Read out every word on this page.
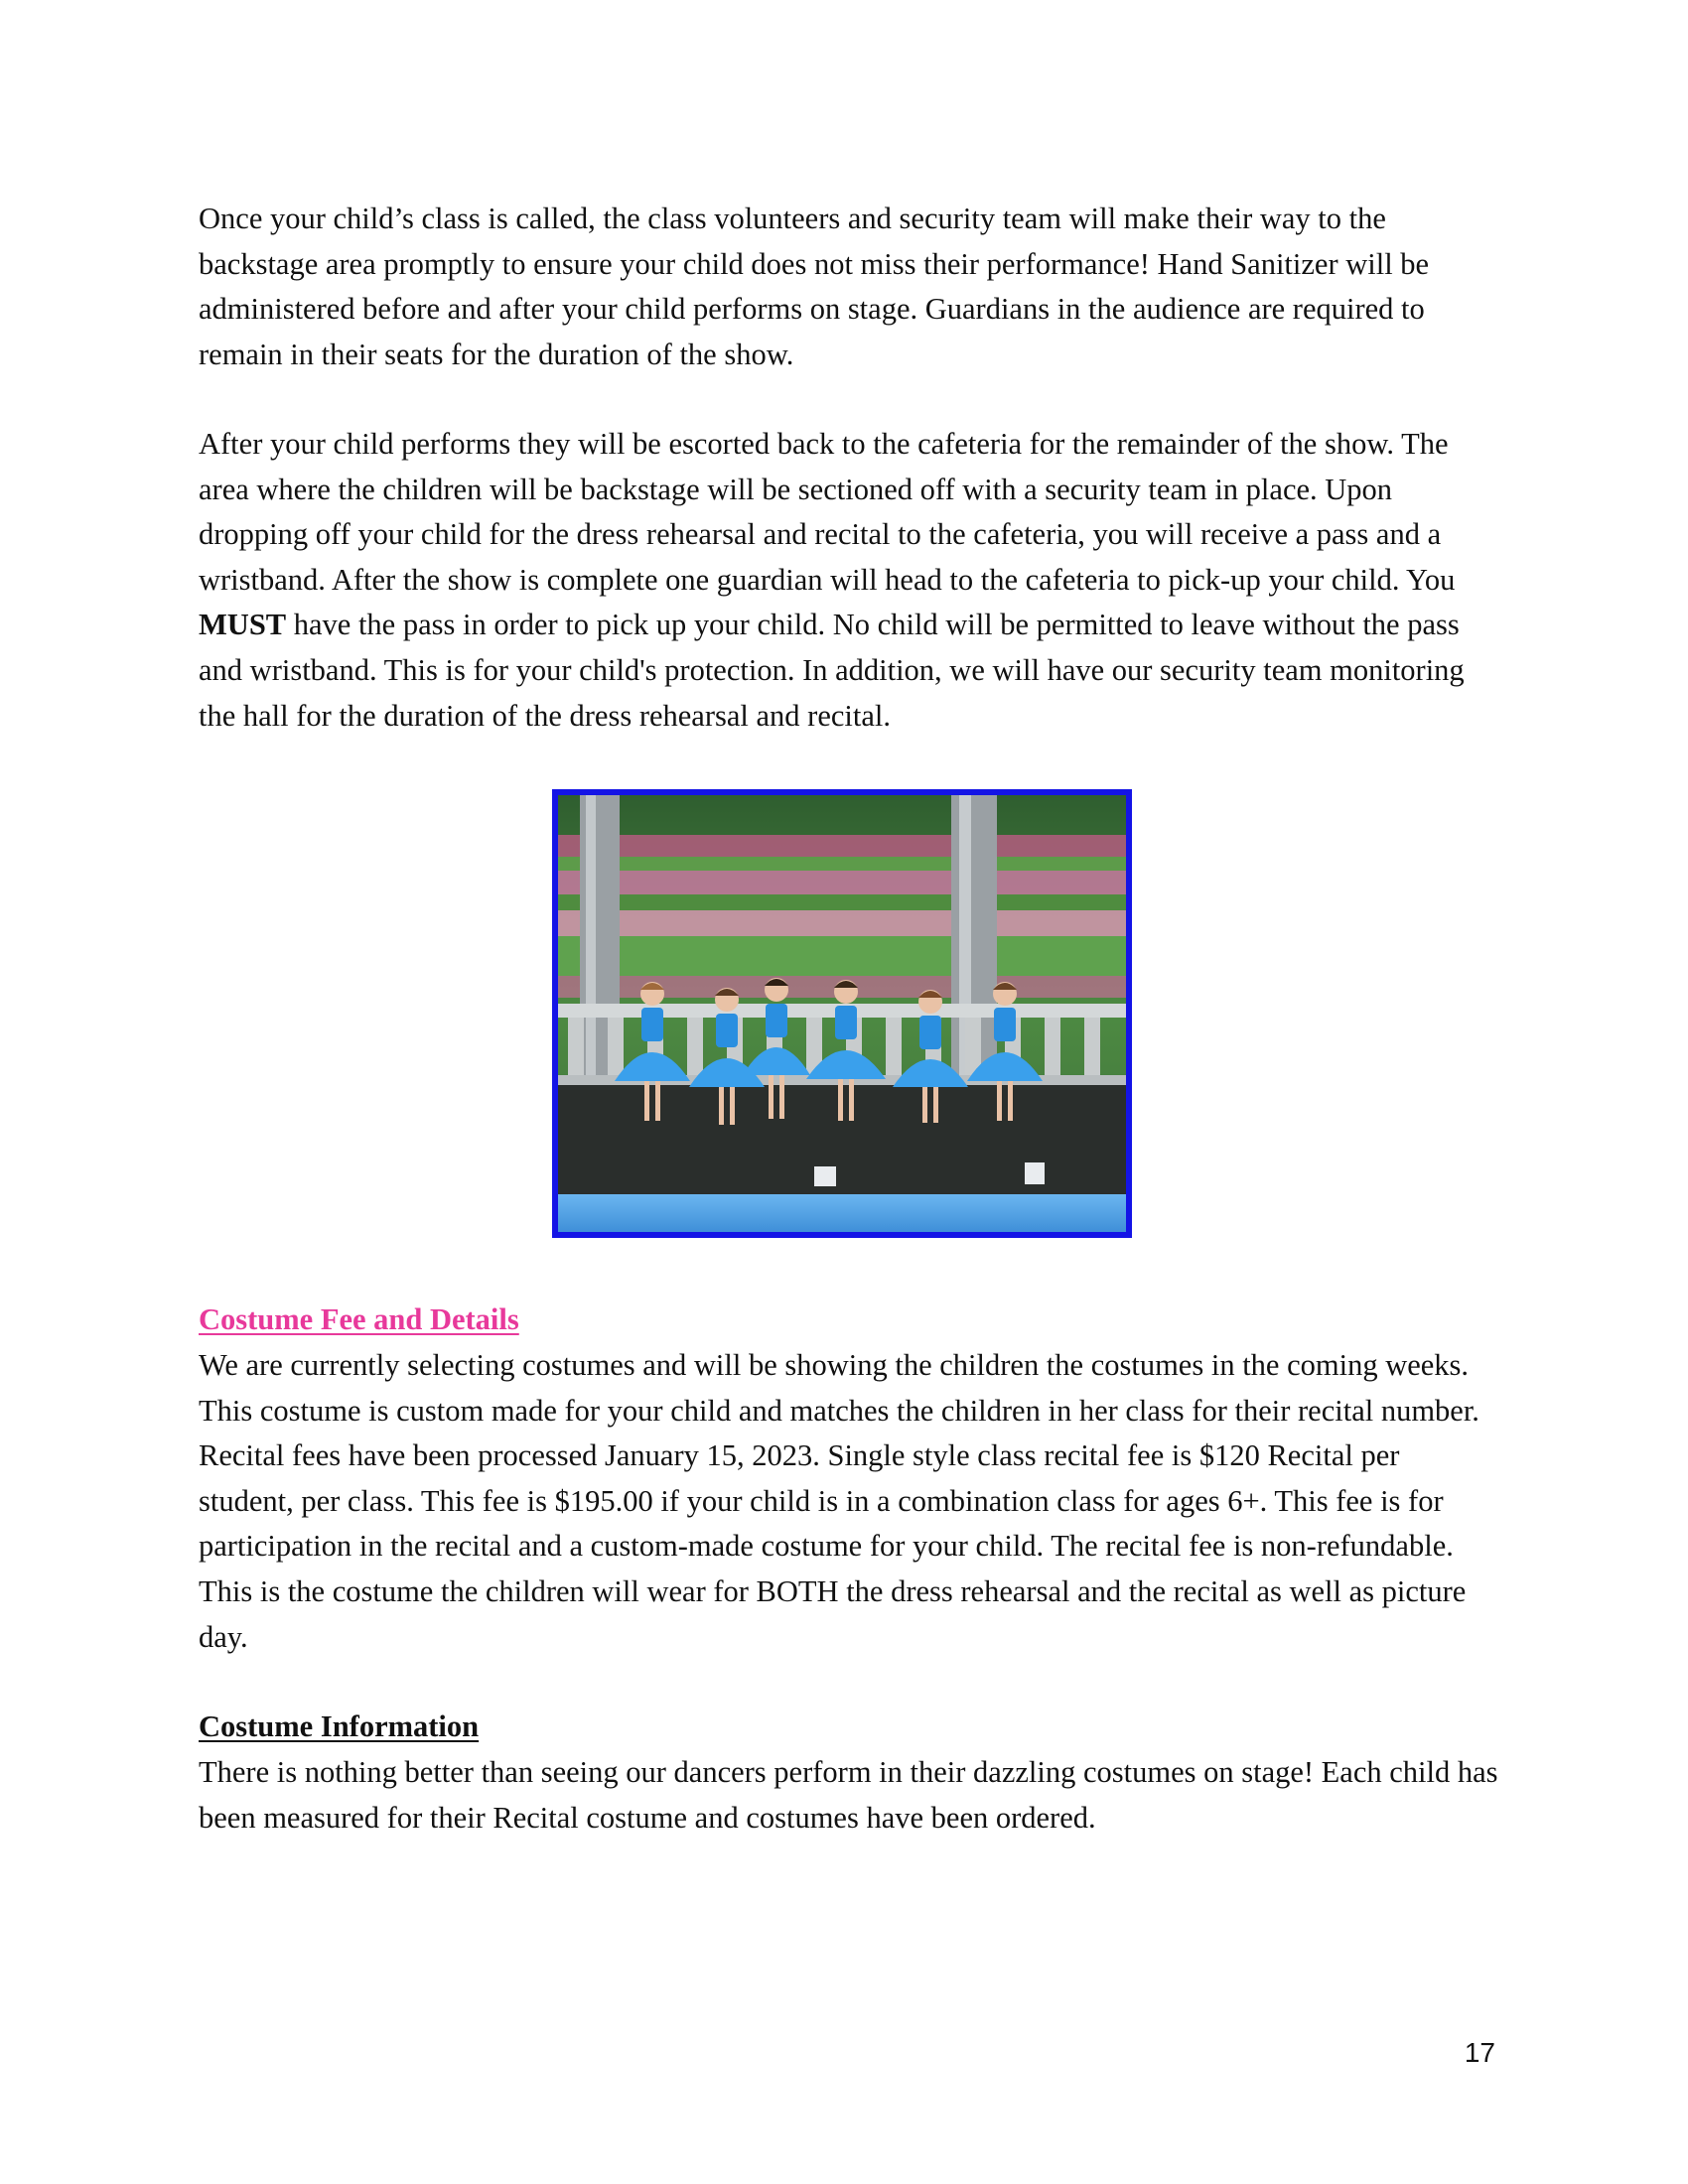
Once your child’s class is called, the class volunteers and security team will make their way to the backstage area promptly to ensure your child does not miss their performance! Hand Sanitizer will be administered before and after your child performs on stage. Guardians in the audience are required to remain in their seats for the duration of the show.

After your child performs they will be escorted back to the cafeteria for the remainder of the show. The area where the children will be backstage will be sectioned off with a security team in place. Upon dropping off your child for the dress rehearsal and recital to the cafeteria, you will receive a pass and a wristband. After the show is complete one guardian will head to the cafeteria to pick-up your child. You MUST have the pass in order to pick up your child. No child will be permitted to leave without the pass and wristband. This is for your child's protection. In addition, we will have our security team monitoring the hall for the duration of the dress rehearsal and recital.

Costume Fee and Details

We are currently selecting costumes and will be showing the children the costumes in the coming weeks. This costume is custom made for your child and matches the children in her class for their recital number. Recital fees have been processed January 15, 2023. Single style class recital fee is $120 Recital per student, per class. This fee is $195.00 if your child is in a combination class for ages 6+. This fee is for participation in the recital and a custom-made costume for your child. The recital fee is non-refundable. This is the costume the children will wear for BOTH the dress rehearsal and the recital as well as picture day.

Costume Information

There is nothing better than seeing our dancers perform in their dazzling costumes on stage! Each child has been measured for their Recital costume and costumes have been ordered.

17
